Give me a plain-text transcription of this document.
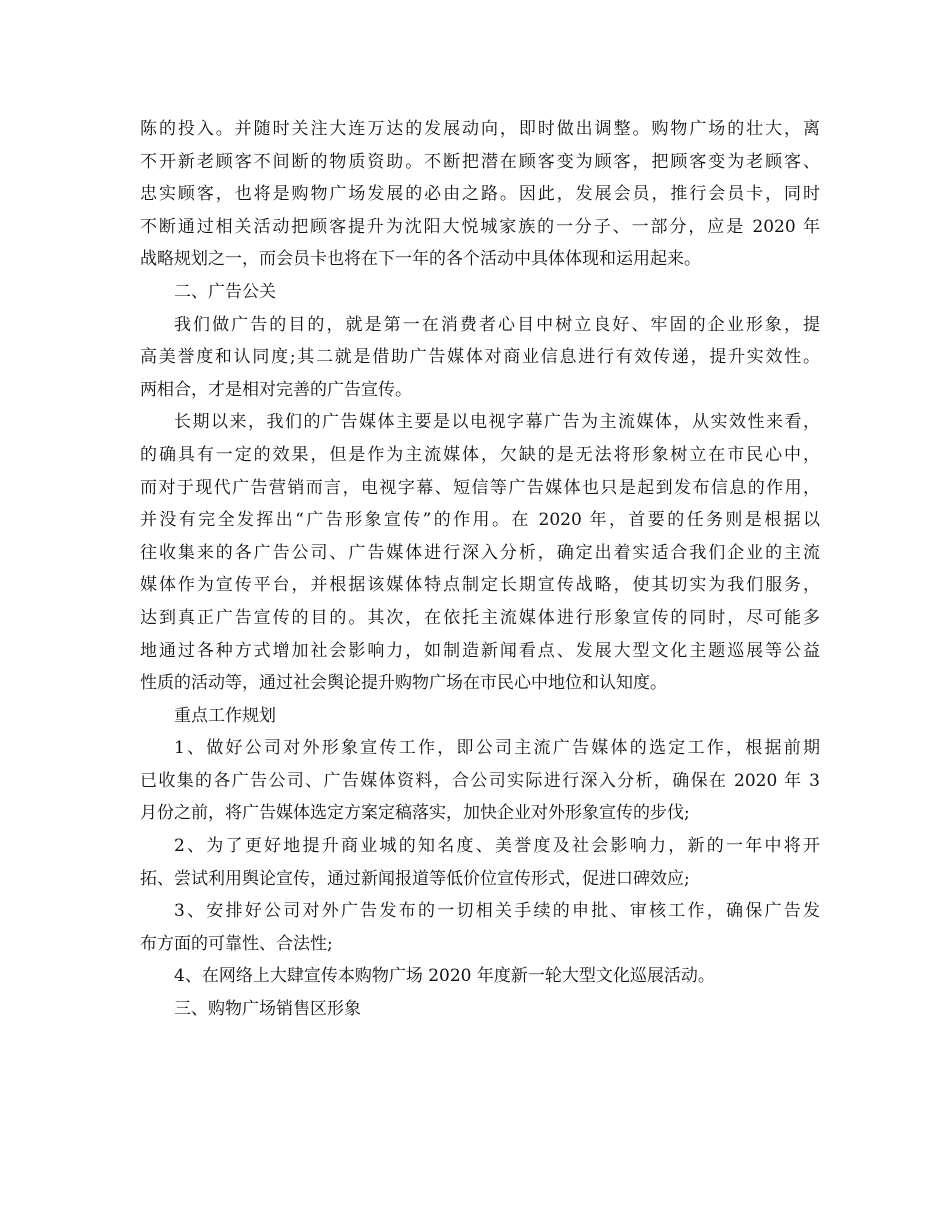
陈的投入。并随时关注大连万达的发展动向，即时做出调整。购物广场的壮大，离
不开新老顾客不间断的物质资助。不断把潜在顾客变为顾客，把顾客变为老顾客、
忠实顾客，也将是购物广场发展的必由之路。因此，发展会员，推行会员卡，同时
不断通过相关活动把顾客提升为沈阳大悦城家族的一分子、一部分，应是 2020 年
战略规划之一，而会员卡也将在下一年的各个活动中具体体现和运用起来。
二、广告公关
我们做广告的目的，就是第一在消费者心目中树立良好、牢固的企业形象，提
高美誉度和认同度;其二就是借助广告媒体对商业信息进行有效传递，提升实效性。
两相合，才是相对完善的广告宣传。
长期以来，我们的广告媒体主要是以电视字幕广告为主流媒体，从实效性来看，
的确具有一定的效果，但是作为主流媒体，欠缺的是无法将形象树立在市民心中，
而对于现代广告营销而言，电视字幕、短信等广告媒体也只是起到发布信息的作用，
并没有完全发挥出“广告形象宣传”的作用。在 2020 年，首要的任务则是根据以
往收集来的各广告公司、广告媒体进行深入分析，确定出着实适合我们企业的主流
媒体作为宣传平台，并根据该媒体特点制定长期宣传战略，使其切实为我们服务，
达到真正广告宣传的目的。其次，在依托主流媒体进行形象宣传的同时，尽可能多
地通过各种方式增加社会影响力，如制造新闻看点、发展大型文化主题巡展等公益
性质的活动等，通过社会舆论提升购物广场在市民心中地位和认知度。
重点工作规划
1、做好公司对外形象宣传工作，即公司主流广告媒体的选定工作，根据前期
已收集的各广告公司、广告媒体资料，合公司实际进行深入分析，确保在 2020 年 3
月份之前，将广告媒体选定方案定稿落实，加快企业对外形象宣传的步伐;
2、为了更好地提升商业城的知名度、美誉度及社会影响力，新的一年中将开
拓、尝试利用舆论宣传，通过新闻报道等低价位宣传形式，促进口碑效应;
3、安排好公司对外广告发布的一切相关手续的申批、审核工作，确保广告发
布方面的可靠性、合法性;
4、在网络上大肆宣传本购物广场 2020 年度新一轮大型文化巡展活动。
三、购物广场销售区形象
